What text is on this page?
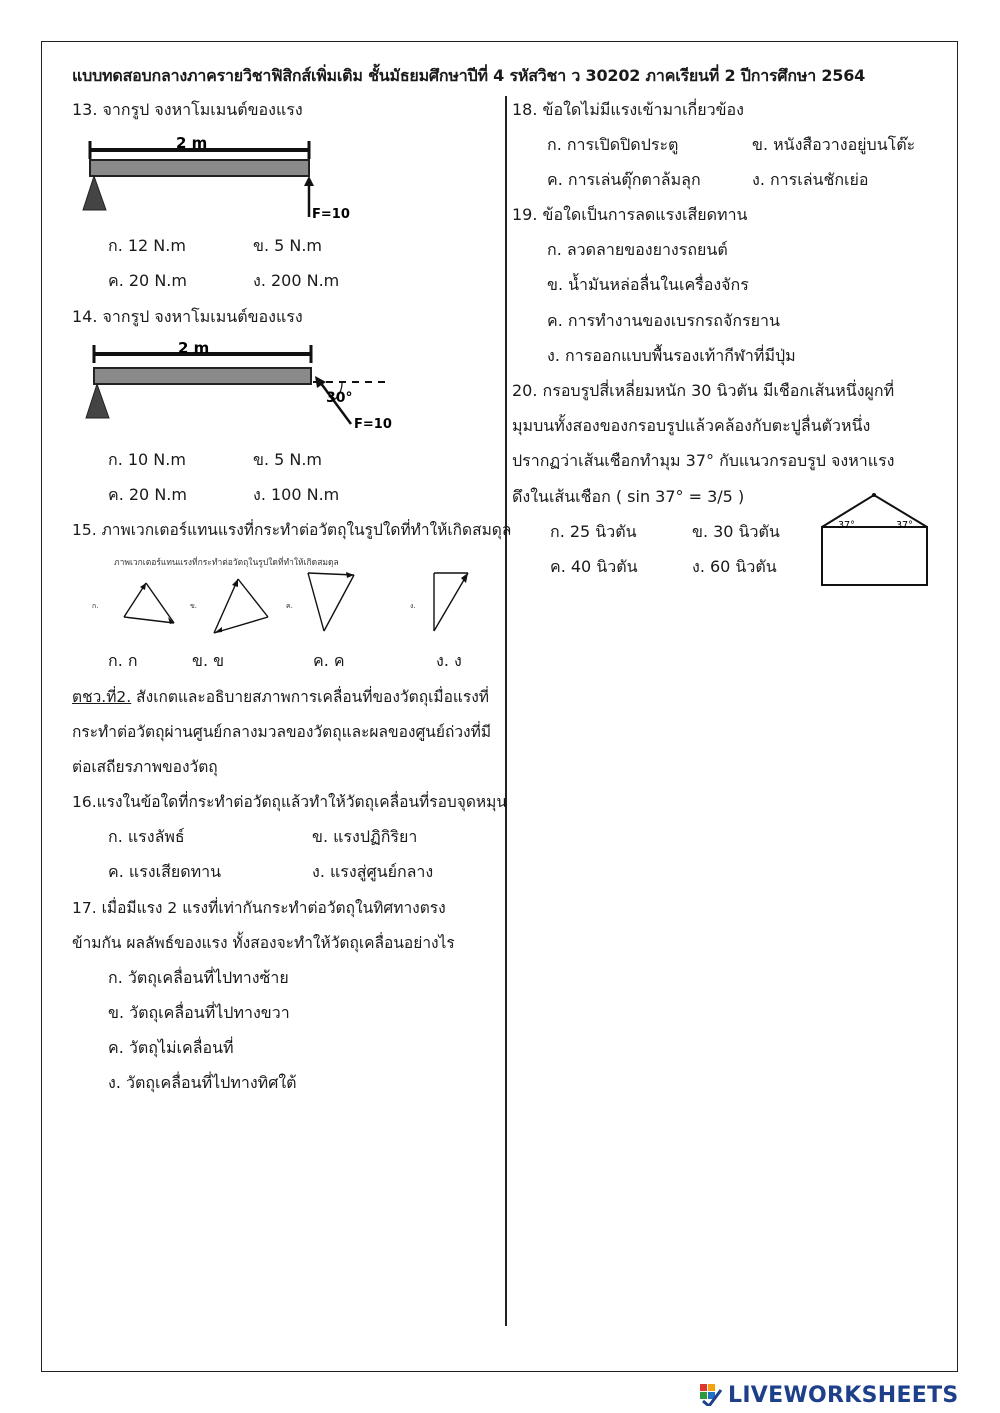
แบบทดสอบกลางภาครายวิชาฟิสิกส์เพิ่มเติม ชั้นมัธยมศึกษาปีที่ 4 รหัสวิชา ว 30202 ภาคเรียนที่ 2 ปีการศึกษา 2564
13. จากรูป จงหาโมเมนต์ของแรง
2 m
F=10
ก. 12 N.m	ข. 5 N.m
ค. 20 N.m	ง. 200 N.m
14. จากรูป จงหาโมเมนต์ของแรง
2 m
30°
F=10
ก. 10 N.m	ข. 5 N.m
ค. 20 N.m	ง. 100 N.m
15. ภาพเวกเตอร์แทนแรงที่กระทำต่อวัตถุในรูปใดที่ทำให้เกิดสมดุล
ภาพเวกเตอร์แทนแรงที่กระทำต่อวัตถุในรูปใดที่ทำให้เกิดสมดุล
ก.	ข.	ค.	ง.
ก. ก	ข. ข	ค. ค	ง. ง
ตชว.ที่2. สังเกตและอธิบายสภาพการเคลื่อนที่ของวัตถุเมื่อแรงที่
กระทำต่อวัตถุผ่านศูนย์กลางมวลของวัตถุและผลของศูนย์ถ่วงที่มี
ต่อเสถียรภาพของวัตถุ
16.แรงในข้อใดที่กระทำต่อวัตถุแล้วทำให้วัตถุเคลื่อนที่รอบจุดหมุน
ก. แรงลัพธ์	ข. แรงปฏิกิริยา
ค. แรงเสียดทาน	ง. แรงสู่ศูนย์กลาง
17. เมื่อมีแรง 2 แรงที่เท่ากันกระทำต่อวัตถุในทิศทางตรง
ข้ามกัน ผลลัพธ์ของแรง ทั้งสองจะทำให้วัตถุเคลื่อนอย่างไร
ก. วัตถุเคลื่อนที่ไปทางซ้าย
ข. วัตถุเคลื่อนที่ไปทางขวา
ค. วัตถุไม่เคลื่อนที่
ง. วัตถุเคลื่อนที่ไปทางทิศใต้
18. ข้อใดไม่มีแรงเข้ามาเกี่ยวข้อง
ก. การเปิดปิดประตู	ข. หนังสือวางอยู่บนโต๊ะ
ค. การเล่นตุ๊กตาล้มลุก	ง. การเล่นชักเย่อ
19. ข้อใดเป็นการลดแรงเสียดทาน
ก. ลวดลายของยางรถยนต์
ข. น้ำมันหล่อลื่นในเครื่องจักร
ค. การทำงานของเบรกรถจักรยาน
ง. การออกแบบพื้นรองเท้ากีฬาที่มีปุ่ม
20. กรอบรูปสี่เหลี่ยมหนัก 30 นิวตัน มีเชือกเส้นหนึ่งผูกที่
มุมบนทั้งสองของกรอบรูปแล้วคล้องกับตะปูลื่นตัวหนึ่ง
ปรากฏว่าเส้นเชือกทำมุม 37° กับแนวกรอบรูป จงหาแรง
ดึงในเส้นเชือก ( sin 37° = 3/5 )
ก. 25 นิวตัน	ข. 30 นิวตัน
ค. 40 นิวตัน	ง. 60 นิวตัน
37°	37°
LIVEWORKSHEETS
